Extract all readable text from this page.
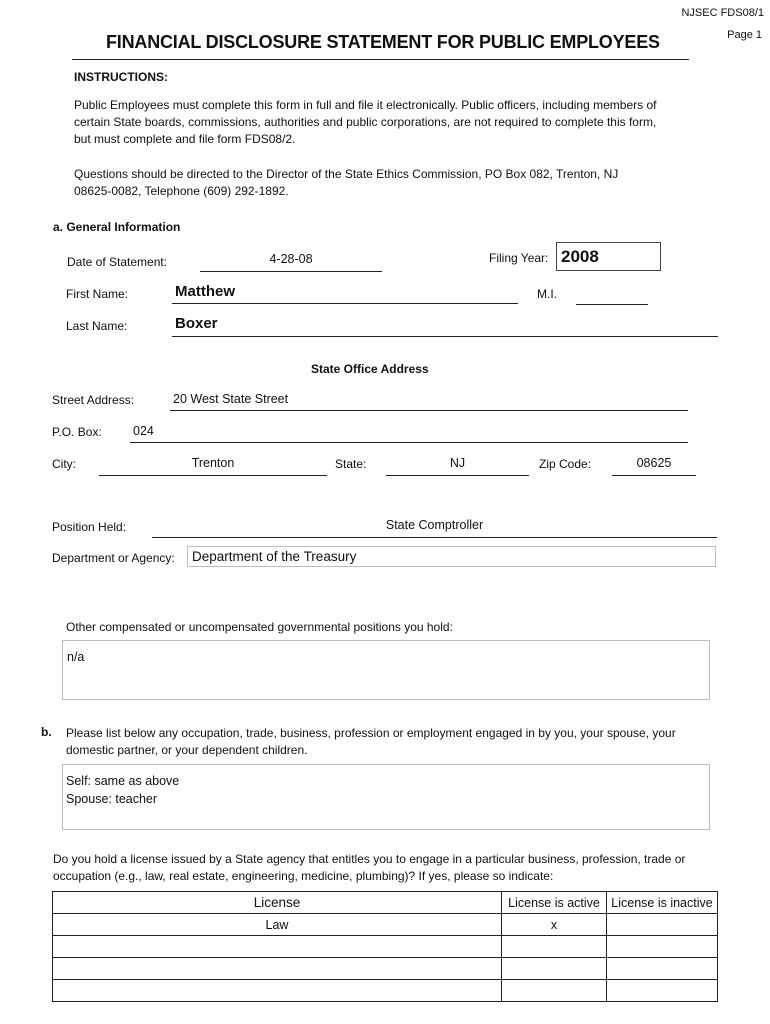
NJSEC FDS08/1
Page 1
FINANCIAL DISCLOSURE STATEMENT FOR PUBLIC EMPLOYEES
INSTRUCTIONS:
Public Employees must complete this form in full and file it electronically. Public officers, including members of
certain State boards, commissions, authorities and public corporations, are not required to complete this form,
but must complete and file form FDS08/2.
Questions should be directed to the Director of the State Ethics Commission, PO Box 082, Trenton, NJ
08625-0082, Telephone (609) 292-1892.
a. General Information
Date of Statement:	4-28-08	Filing Year: 2008
First Name:	Matthew	M.I.
Last Name:	Boxer
State Office Address
Street Address:	20 West State Street
P.O. Box: 024
City:	Trenton	State:	NJ	Zip Code:	08625
Position Held:	State Comptroller
Department or Agency:	Department of the Treasury
Other compensated or uncompensated governmental positions you hold:
n/a
b. Please list below any occupation, trade, business, profession or employment engaged in by you, your spouse, your
domestic partner, or your dependent children.
Self: same as above
Spouse: teacher
Do you hold a license issued by a State agency that entitles you to engage in a particular business, profession, trade or
occupation (e.g., law, real estate, engineering, medicine, plumbing)? If yes, please so indicate:
License	License is active	License is inactive
Law	x	
